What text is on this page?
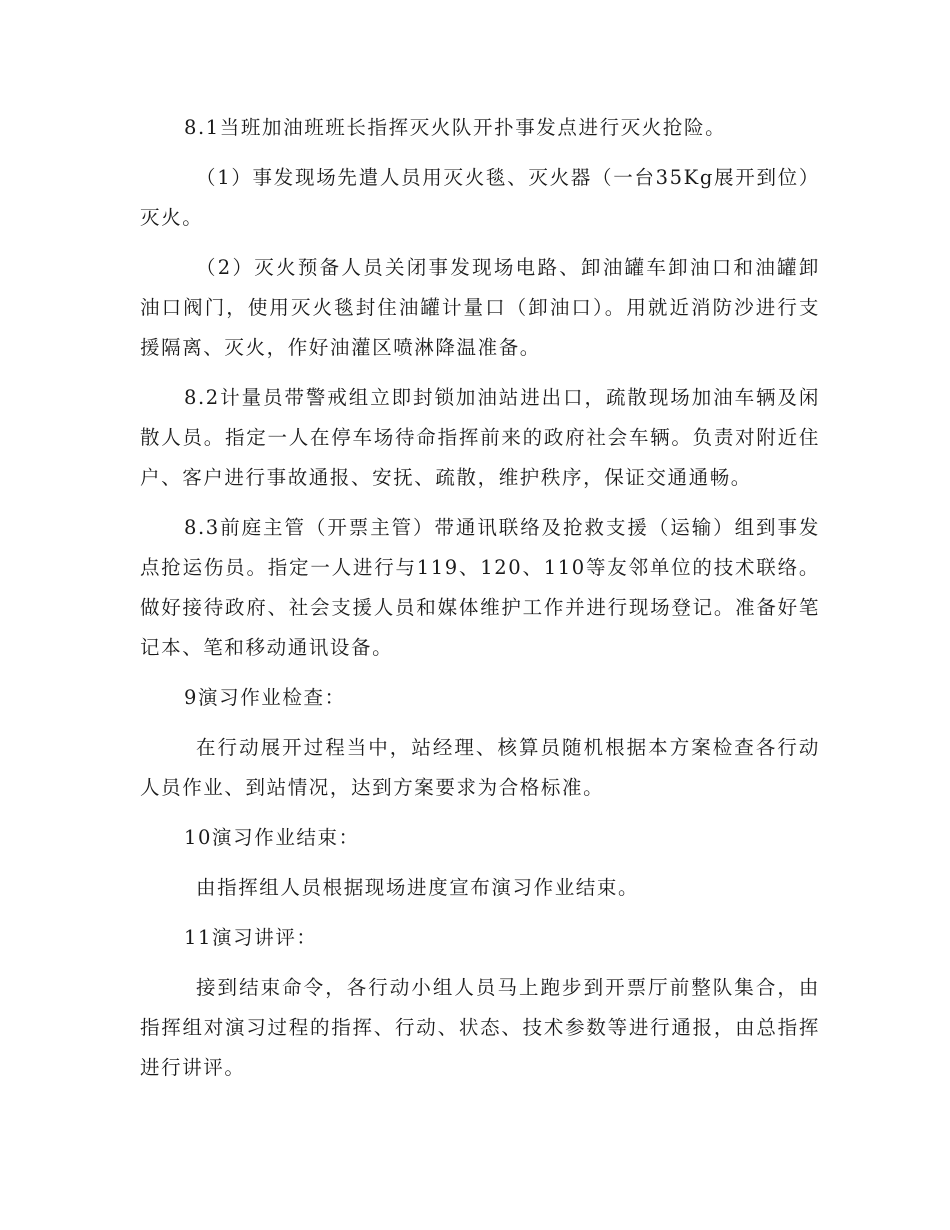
8.1当班加油班班长指挥灭火队开扑事发点进行灭火抢险。

（1）事发现场先遣人员用灭火毯、灭火器（一台35Kg展开到位）灭火。

（2）灭火预备人员关闭事发现场电路、卸油罐车卸油口和油罐卸油口阀门，使用灭火毯封住油罐计量口（卸油口）。用就近消防沙进行支援隔离、灭火，作好油灌区喷淋降温准备。

8.2计量员带警戒组立即封锁加油站进出口，疏散现场加油车辆及闲散人员。指定一人在停车场待命指挥前来的政府社会车辆。负责对附近住户、客户进行事故通报、安抚、疏散，维护秩序，保证交通通畅。

8.3前庭主管（开票主管）带通讯联络及抢救支援（运输）组到事发点抢运伤员。指定一人进行与119、120、110等友邻单位的技术联络。做好接待政府、社会支援人员和媒体维护工作并进行现场登记。准备好笔记本、笔和移动通讯设备。

9演习作业检查：

在行动展开过程当中，站经理、核算员随机根据本方案检查各行动人员作业、到站情况，达到方案要求为合格标准。

10演习作业结束：

由指挥组人员根据现场进度宣布演习作业结束。

11演习讲评：

接到结束命令，各行动小组人员马上跑步到开票厅前整队集合，由指挥组对演习过程的指挥、行动、状态、技术参数等进行通报，由总指挥进行讲评。
